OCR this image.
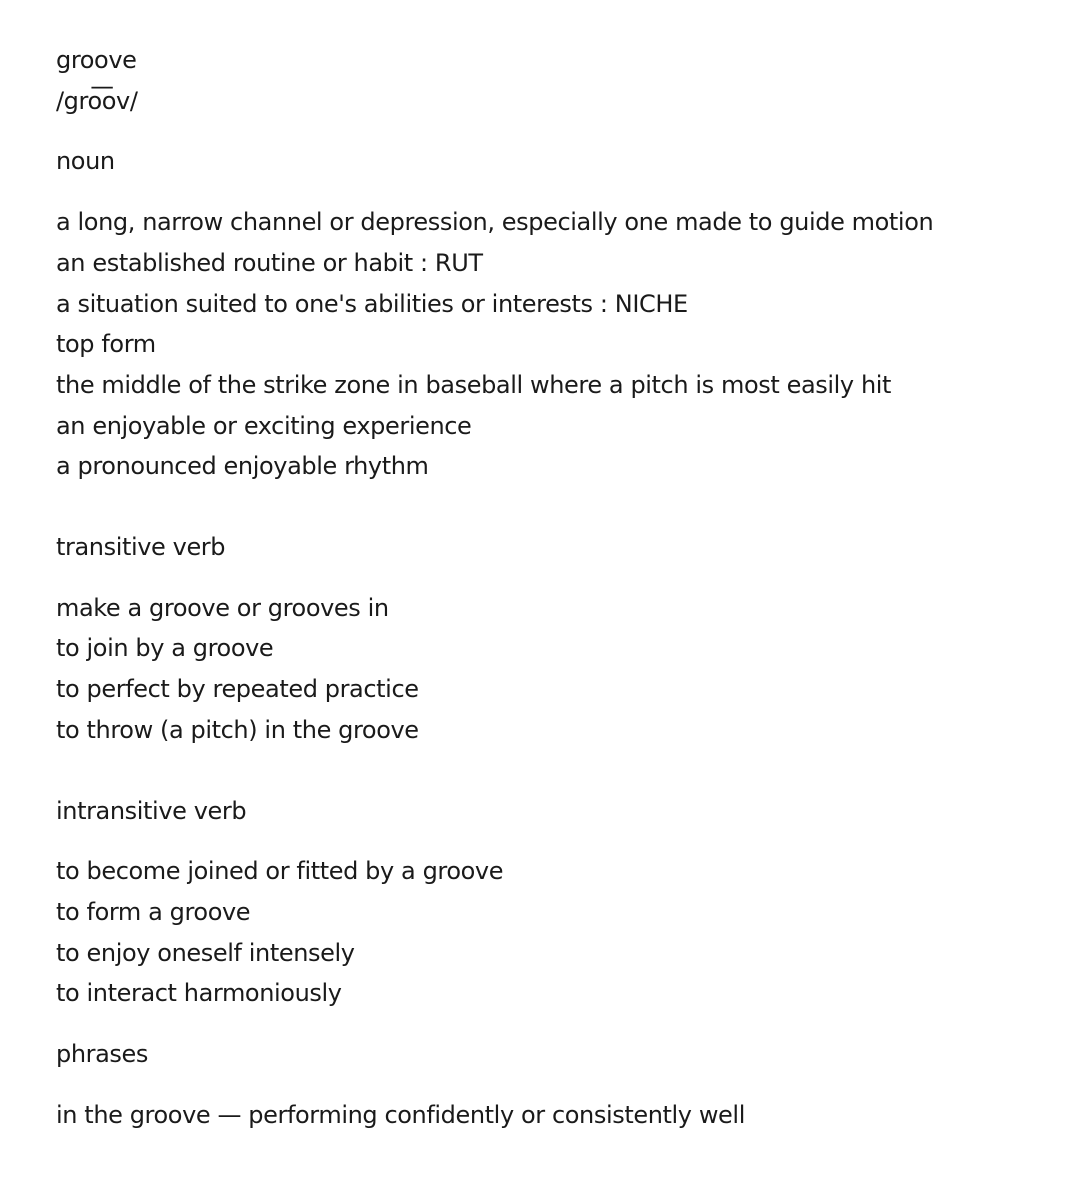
groove
/gro͞ov/
noun
a long, narrow channel or depression, especially one made to guide motion
an established routine or habit : RUT
a situation suited to one's abilities or interests : NICHE
top form
the middle of the strike zone in baseball where a pitch is most easily hit
an enjoyable or exciting experience
a pronounced enjoyable rhythm
transitive verb
make a groove or grooves in
to join by a groove
to perfect by repeated practice
to throw (a pitch) in the groove
intransitive verb
to become joined or fitted by a groove
to form a groove
to enjoy oneself intensely
to interact harmoniously
phrases
in the groove — performing confidently or consistently well
